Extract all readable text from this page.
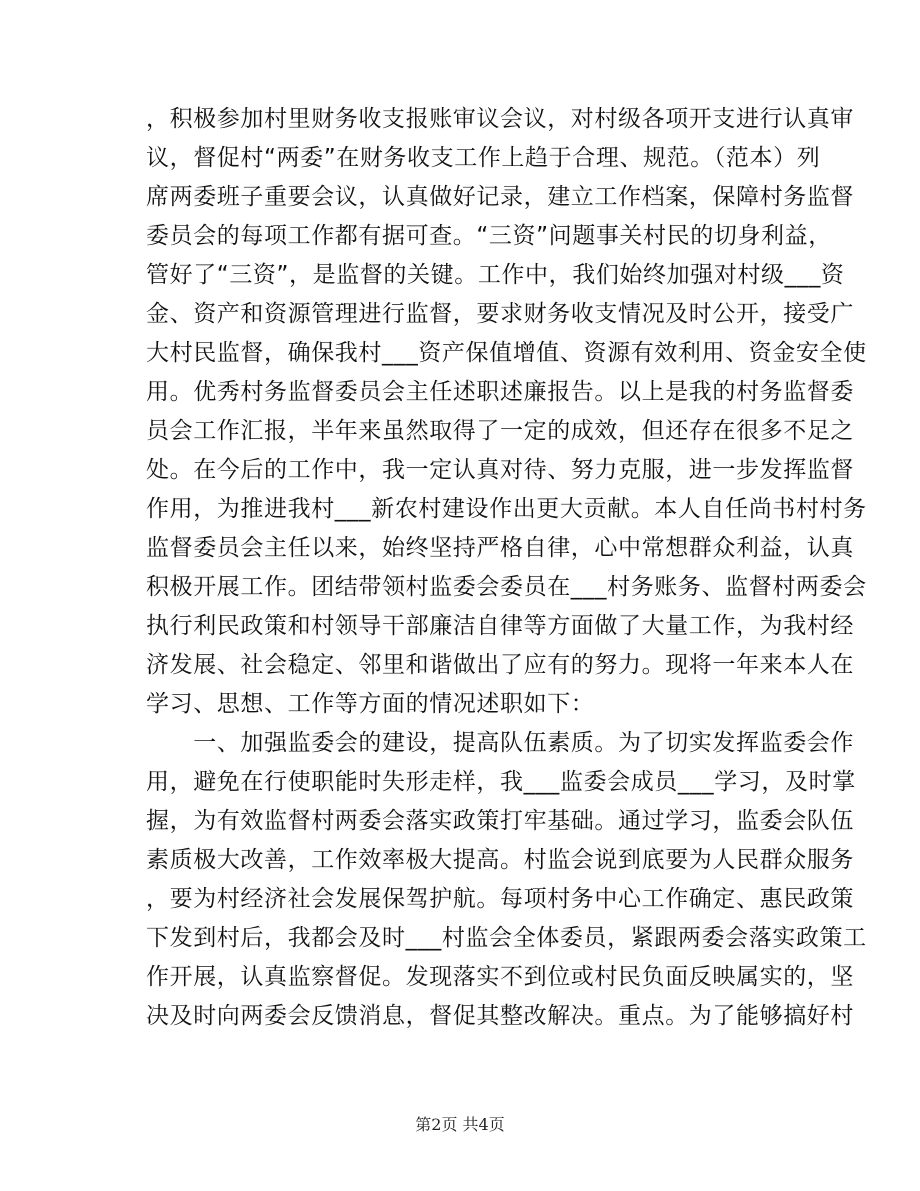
，积极参加村里财务收支报账审议会议，对村级各项开支进行认真审
议，督促村“两委”在财务收支工作上趋于合理、规范。（范本）列
席两委班子重要会议，认真做好记录，建立工作档案，保障村务监督
委员会的每项工作都有据可查。“三资”问题事关村民的切身利益，
管好了“三资”，是监督的关键。工作中，我们始终加强对村级___资
金、资产和资源管理进行监督，要求财务收支情况及时公开，接受广
大村民监督，确保我村___资产保值增值、资源有效利用、资金安全使
用。优秀村务监督委员会主任述职述廉报告。以上是我的村务监督委
员会工作汇报，半年来虽然取得了一定的成效，但还存在很多不足之
处。在今后的工作中，我一定认真对待、努力克服，进一步发挥监督
作用，为推进我村___新农村建设作出更大贡献。本人自任尚书村村务
监督委员会主任以来，始终坚持严格自律，心中常想群众利益，认真
积极开展工作。团结带领村监委会委员在___村务账务、监督村两委会
执行利民政策和村领导干部廉洁自律等方面做了大量工作，为我村经
济发展、社会稳定、邻里和谐做出了应有的努力。现将一年来本人在
学习、思想、工作等方面的情况述职如下：
　　一、加强监委会的建设，提高队伍素质。为了切实发挥监委会作
用，避免在行使职能时失形走样，我___监委会成员___学习，及时掌
握，为有效监督村两委会落实政策打牢基础。通过学习，监委会队伍
素质极大改善，工作效率极大提高。村监会说到底要为人民群众服务
，要为村经济社会发展保驾护航。每项村务中心工作确定、惠民政策
下发到村后，我都会及时___村监会全体委员，紧跟两委会落实政策工
作开展，认真监察督促。发现落实不到位或村民负面反映属实的，坚
决及时向两委会反馈消息，督促其整改解决。重点。为了能够搞好村
第2页 共4页
